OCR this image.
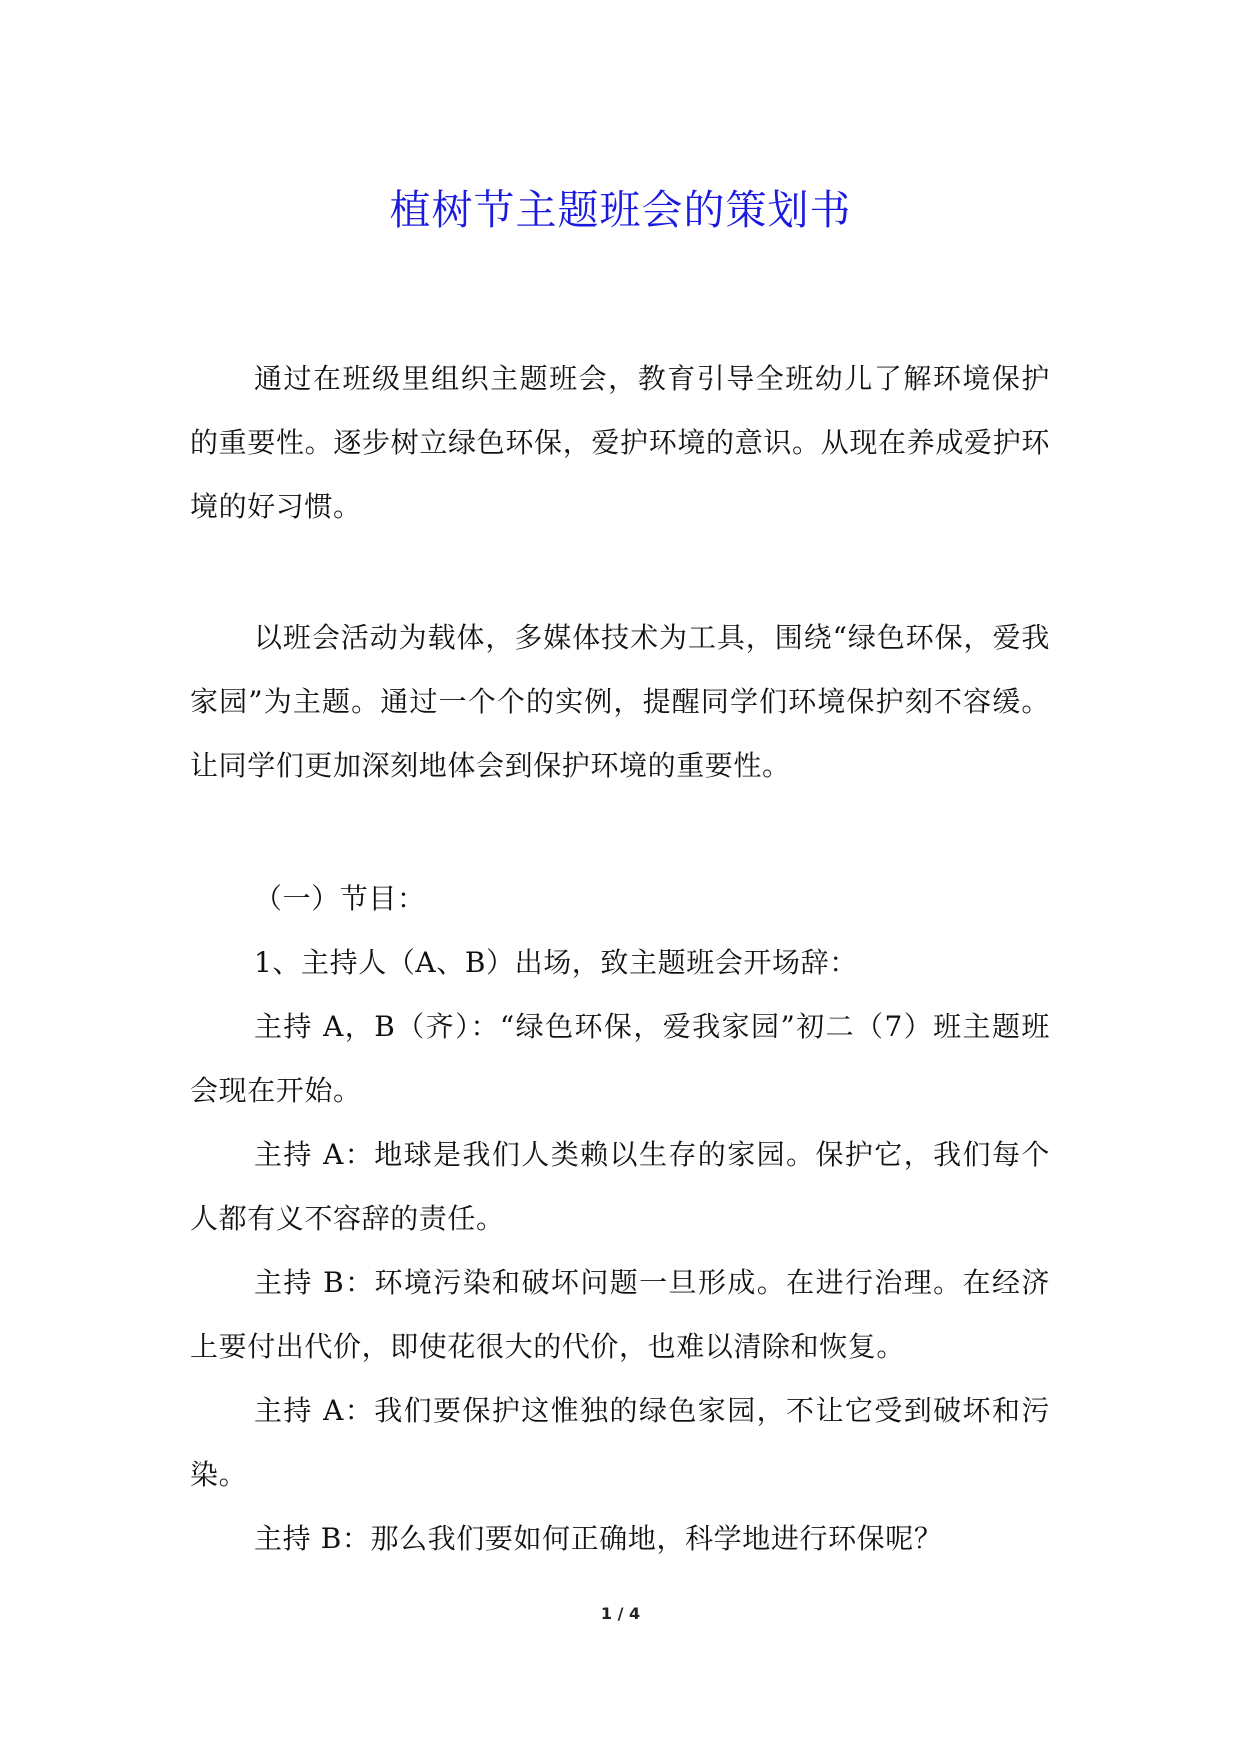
植树节主题班会的策划书

通过在班级里组织主题班会，教育引导全班幼儿了解环境保护的重要性。逐步树立绿色环保，爱护环境的意识。从现在养成爱护环境的好习惯。

以班会活动为载体，多媒体技术为工具，围绕“绿色环保，爱我家园”为主题。通过一个个的实例，提醒同学们环境保护刻不容缓。让同学们更加深刻地体会到保护环境的重要性。

（一）节目：

1、主持人（A、B）出场，致主题班会开场辞：

主持 A，B（齐）：“绿色环保，爱我家园”初二（7）班主题班会现在开始。

主持 A：地球是我们人类赖以生存的家园。保护它，我们每个人都有义不容辞的责任。

主持 B：环境污染和破坏问题一旦形成。在进行治理。在经济上要付出代价，即使花很大的代价，也难以清除和恢复。

主持 A：我们要保护这惟独的绿色家园，不让它受到破坏和污染。

主持 B：那么我们要如何正确地，科学地进行环保呢？

1 / 4
